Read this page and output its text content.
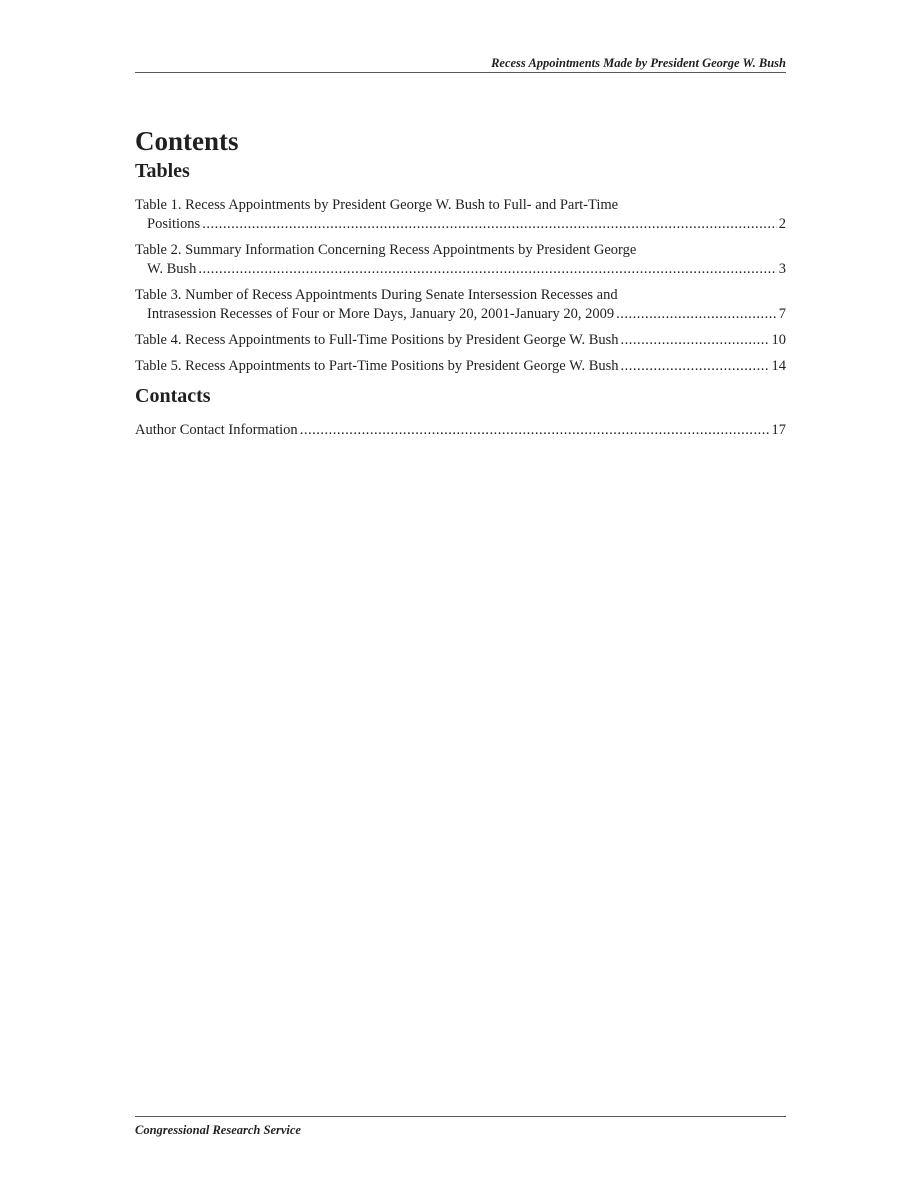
Recess Appointments Made by President George W. Bush
Contents
Tables
Table 1. Recess Appointments by President George W. Bush to Full- and Part-Time
Positions .....	2
Table 2. Summary Information Concerning Recess Appointments by President George
W. Bush .....	3
Table 3. Number of Recess Appointments During Senate Intersession Recesses and
Intrasession Recesses of Four or More Days, January 20, 2001-January 20, 2009 .....	7
Table 4. Recess Appointments to Full-Time Positions by President George W. Bush .....	10
Table 5. Recess Appointments to Part-Time Positions by President George W. Bush .....	14
Contacts
Author Contact Information .....	17
Congressional Research Service
